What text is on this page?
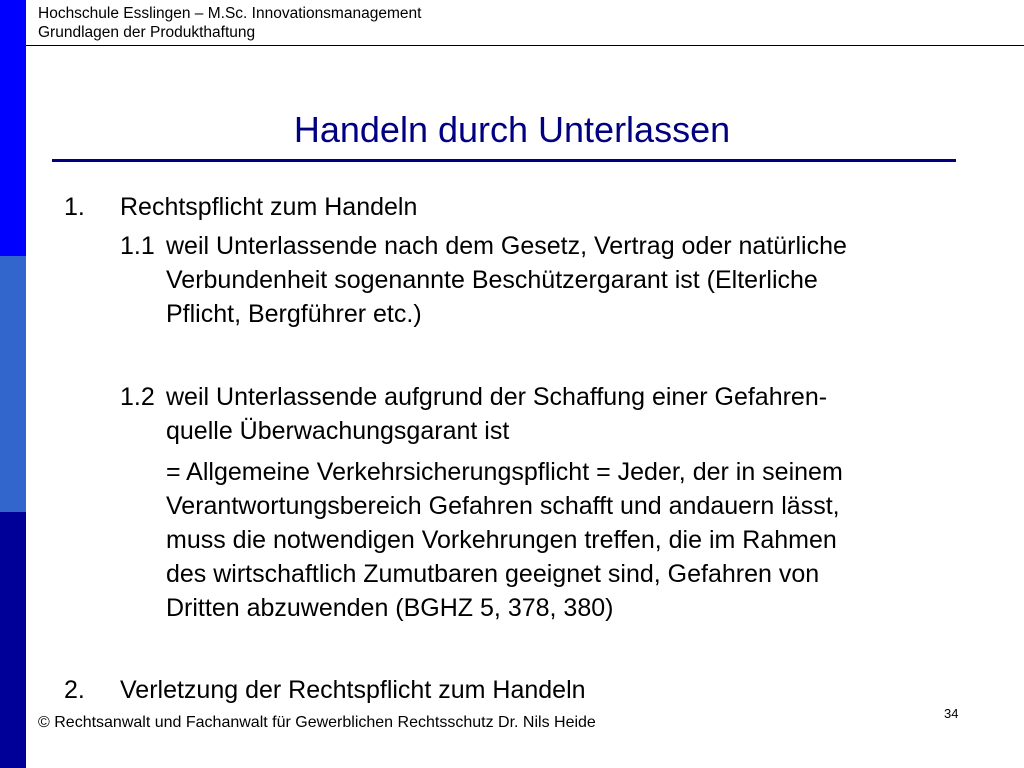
Hochschule Esslingen – M.Sc. Innovationsmanagement
Grundlagen der Produkthaftung
Handeln durch Unterlassen
1. Rechtspflicht zum Handeln
1.1 weil Unterlassende nach dem Gesetz, Vertrag oder natürliche
Verbundenheit sogenannte Beschützergarant ist (Elterliche
Pflicht, Bergführer etc.)
1.2 weil Unterlassende aufgrund der Schaffung einer Gefahren-
quelle Überwachungsgarant ist
= Allgemeine Verkehrsicherungspflicht = Jeder, der in seinem
Verantwortungsbereich Gefahren schafft und andauern lässt,
muss die notwendigen Vorkehrungen treffen, die im Rahmen
des wirtschaftlich Zumutbaren geeignet sind, Gefahren von
Dritten abzuwenden (BGHZ 5, 378, 380)
2. Verletzung der Rechtspflicht zum Handeln
© Rechtsanwalt und Fachanwalt für Gewerblichen Rechtsschutz Dr. Nils Heide
34
